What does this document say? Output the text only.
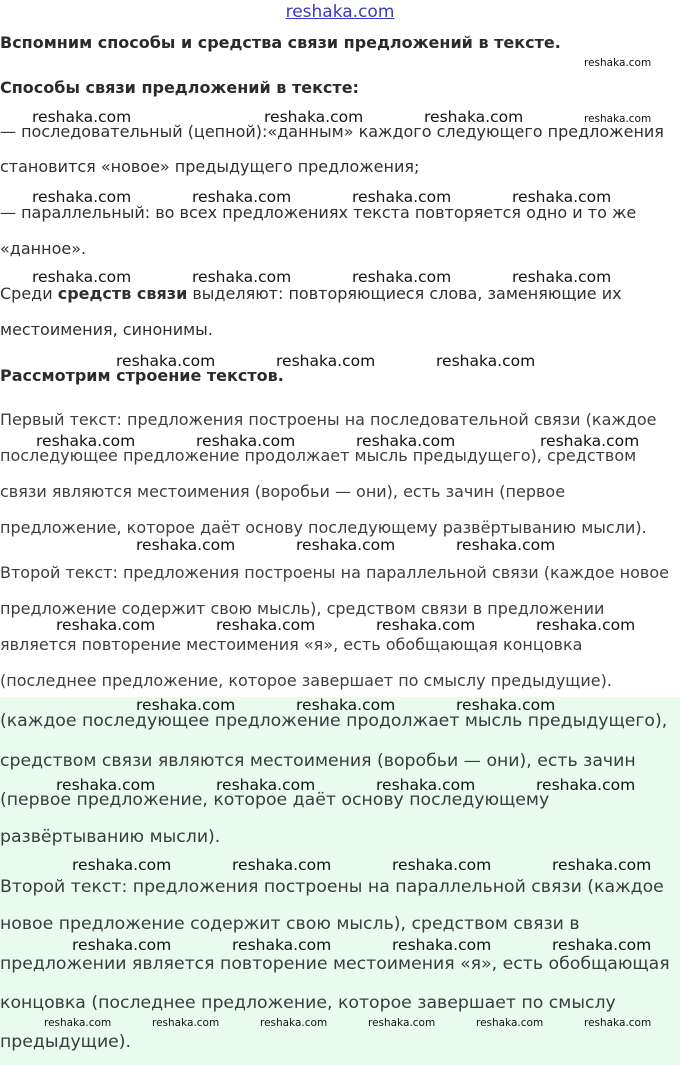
reshaka.com

Вспомним способы и средства связи предложений в тексте.

Способы связи предложений в тексте:

— последовательный (цепной):«данным» каждого следующего предложения

становится «новое» предыдущего предложения;

— параллельный: во всех предложениях текста повторяется одно и то же

«данное».

Среди средств связи выделяют: повторяющиеся слова, заменяющие их

местоимения, синонимы.

Рассмотрим строение текстов.

Первый текст: предложения построены на последовательной связи (каждое

последующее предложение продолжает мысль предыдущего), средством

связи являются местоимения (воробьи — они), есть зачин (первое

предложение, которое даёт основу последующему развёртыванию мысли).

Второй текст: предложения построены на параллельной связи (каждое новое

предложение содержит свою мысль), средством связи в предложении

является повторение местоимения «я», есть обобщающая концовка

(последнее предложение, которое завершает по смыслу предыдущие).

(каждое последующее предложение продолжает мысль предыдущего),

средством связи являются местоимения (воробьи — они), есть зачин

(первое предложение, которое даёт основу последующему

развёртыванию мысли).

Второй текст: предложения построены на параллельной связи (каждое

новое предложение содержит свою мысль), средством связи в

предложении является повторение местоимения «я», есть обобщающая

концовка (последнее предложение, которое завершает по смыслу

предыдущие).

reshaka.com
reshaka.com	reshaka.com	reshaka.com	reshaka.com
reshaka.com	reshaka.com	reshaka.com	reshaka.com
reshaka.com	reshaka.com	reshaka.com	reshaka.com
reshaka.com	reshaka.com	reshaka.com
reshaka.com	reshaka.com	reshaka.com	reshaka.com
reshaka.com	reshaka.com	reshaka.com
reshaka.com	reshaka.com	reshaka.com	reshaka.com
reshaka.com	reshaka.com	reshaka.com
reshaka.com	reshaka.com	reshaka.com	reshaka.com
reshaka.com	reshaka.com	reshaka.com	reshaka.com
reshaka.com	reshaka.com	reshaka.com	reshaka.com
reshaka.com	reshaka.com	reshaka.com	reshaka.com	reshaka.com	reshaka.com
